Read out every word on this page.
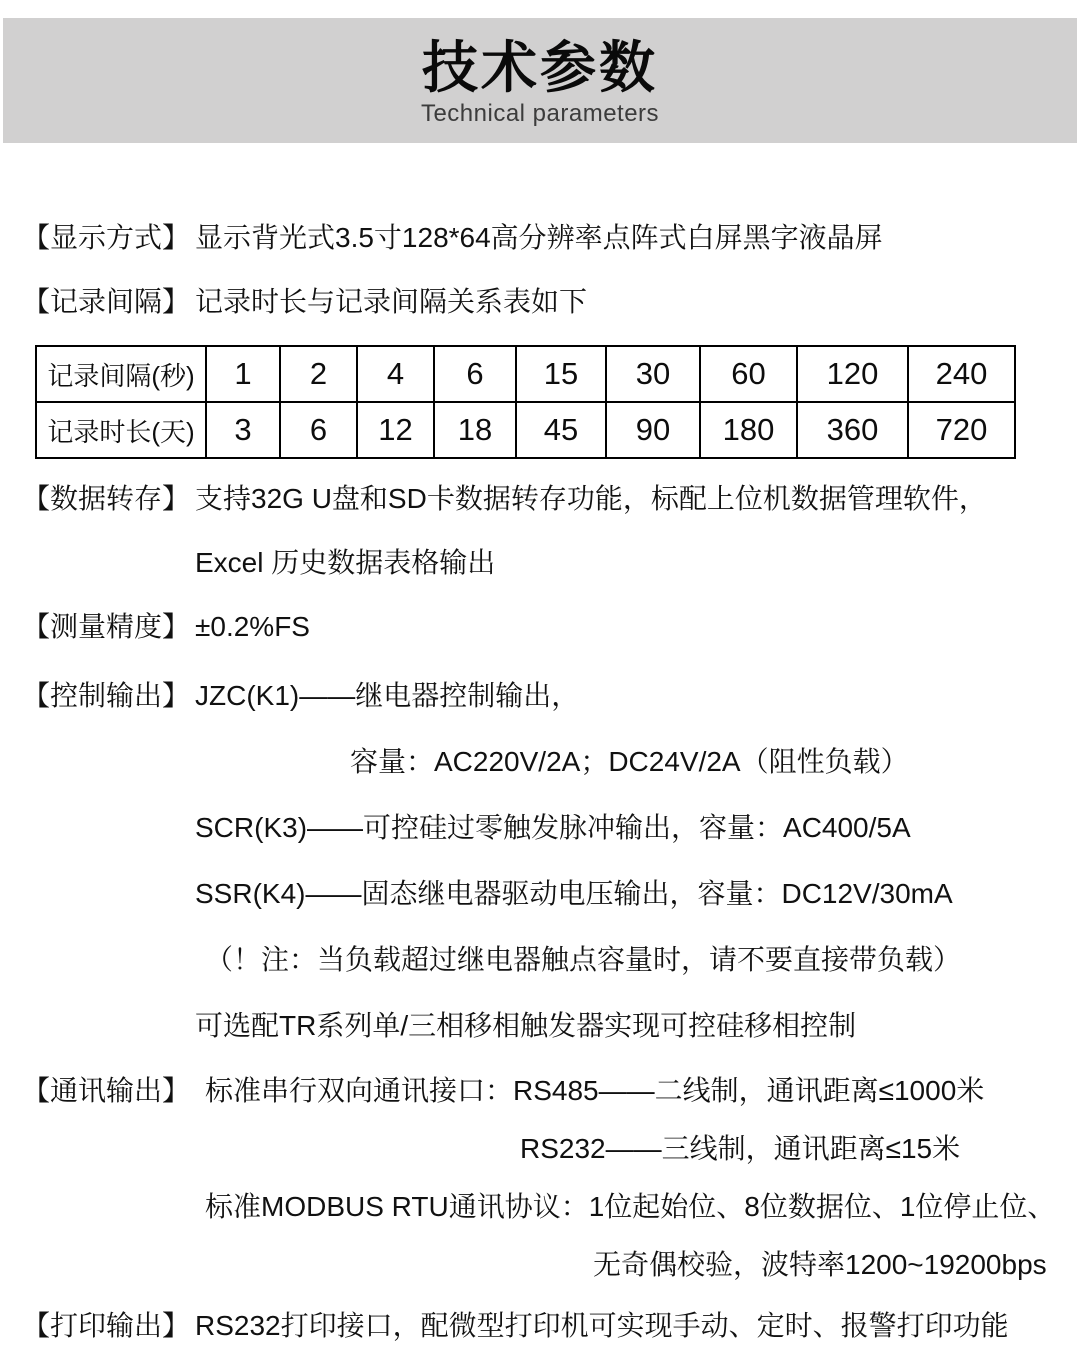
技术参数
Technical parameters
【显示方式】 显示背光式3.5寸128*64高分辨率点阵式白屏黑字液晶屏
【记录间隔】 记录时长与记录间隔关系表如下
记录间隔(秒)	1	2	4	6	15	30	60	120	240
记录时长(天)	3	6	12	18	45	90	180	360	720
【数据转存】 支持32G U盘和SD卡数据转存功能，标配上位机数据管理软件，
Excel 历史数据表格输出
【测量精度】 ±0.2%FS
【控制输出】 JZC(K1)——继电器控制输出，
容量：AC220V/2A；DC24V/2A（阻性负载）
SCR(K3)——可控硅过零触发脉冲输出，容量：AC400/5A
SSR(K4)——固态继电器驱动电压输出，容量：DC12V/30mA
（！注：当负载超过继电器触点容量时，请不要直接带负载）
可选配TR系列单/三相移相触发器实现可控硅移相控制
【通讯输出】 标准串行双向通讯接口：RS485——二线制，通讯距离≤1000米
RS232——三线制，通讯距离≤15米
标准MODBUS RTU通讯协议：1位起始位、8位数据位、1位停止位、
无奇偶校验，波特率1200~19200bps
【打印输出】 RS232打印接口，配微型打印机可实现手动、定时、报警打印功能
